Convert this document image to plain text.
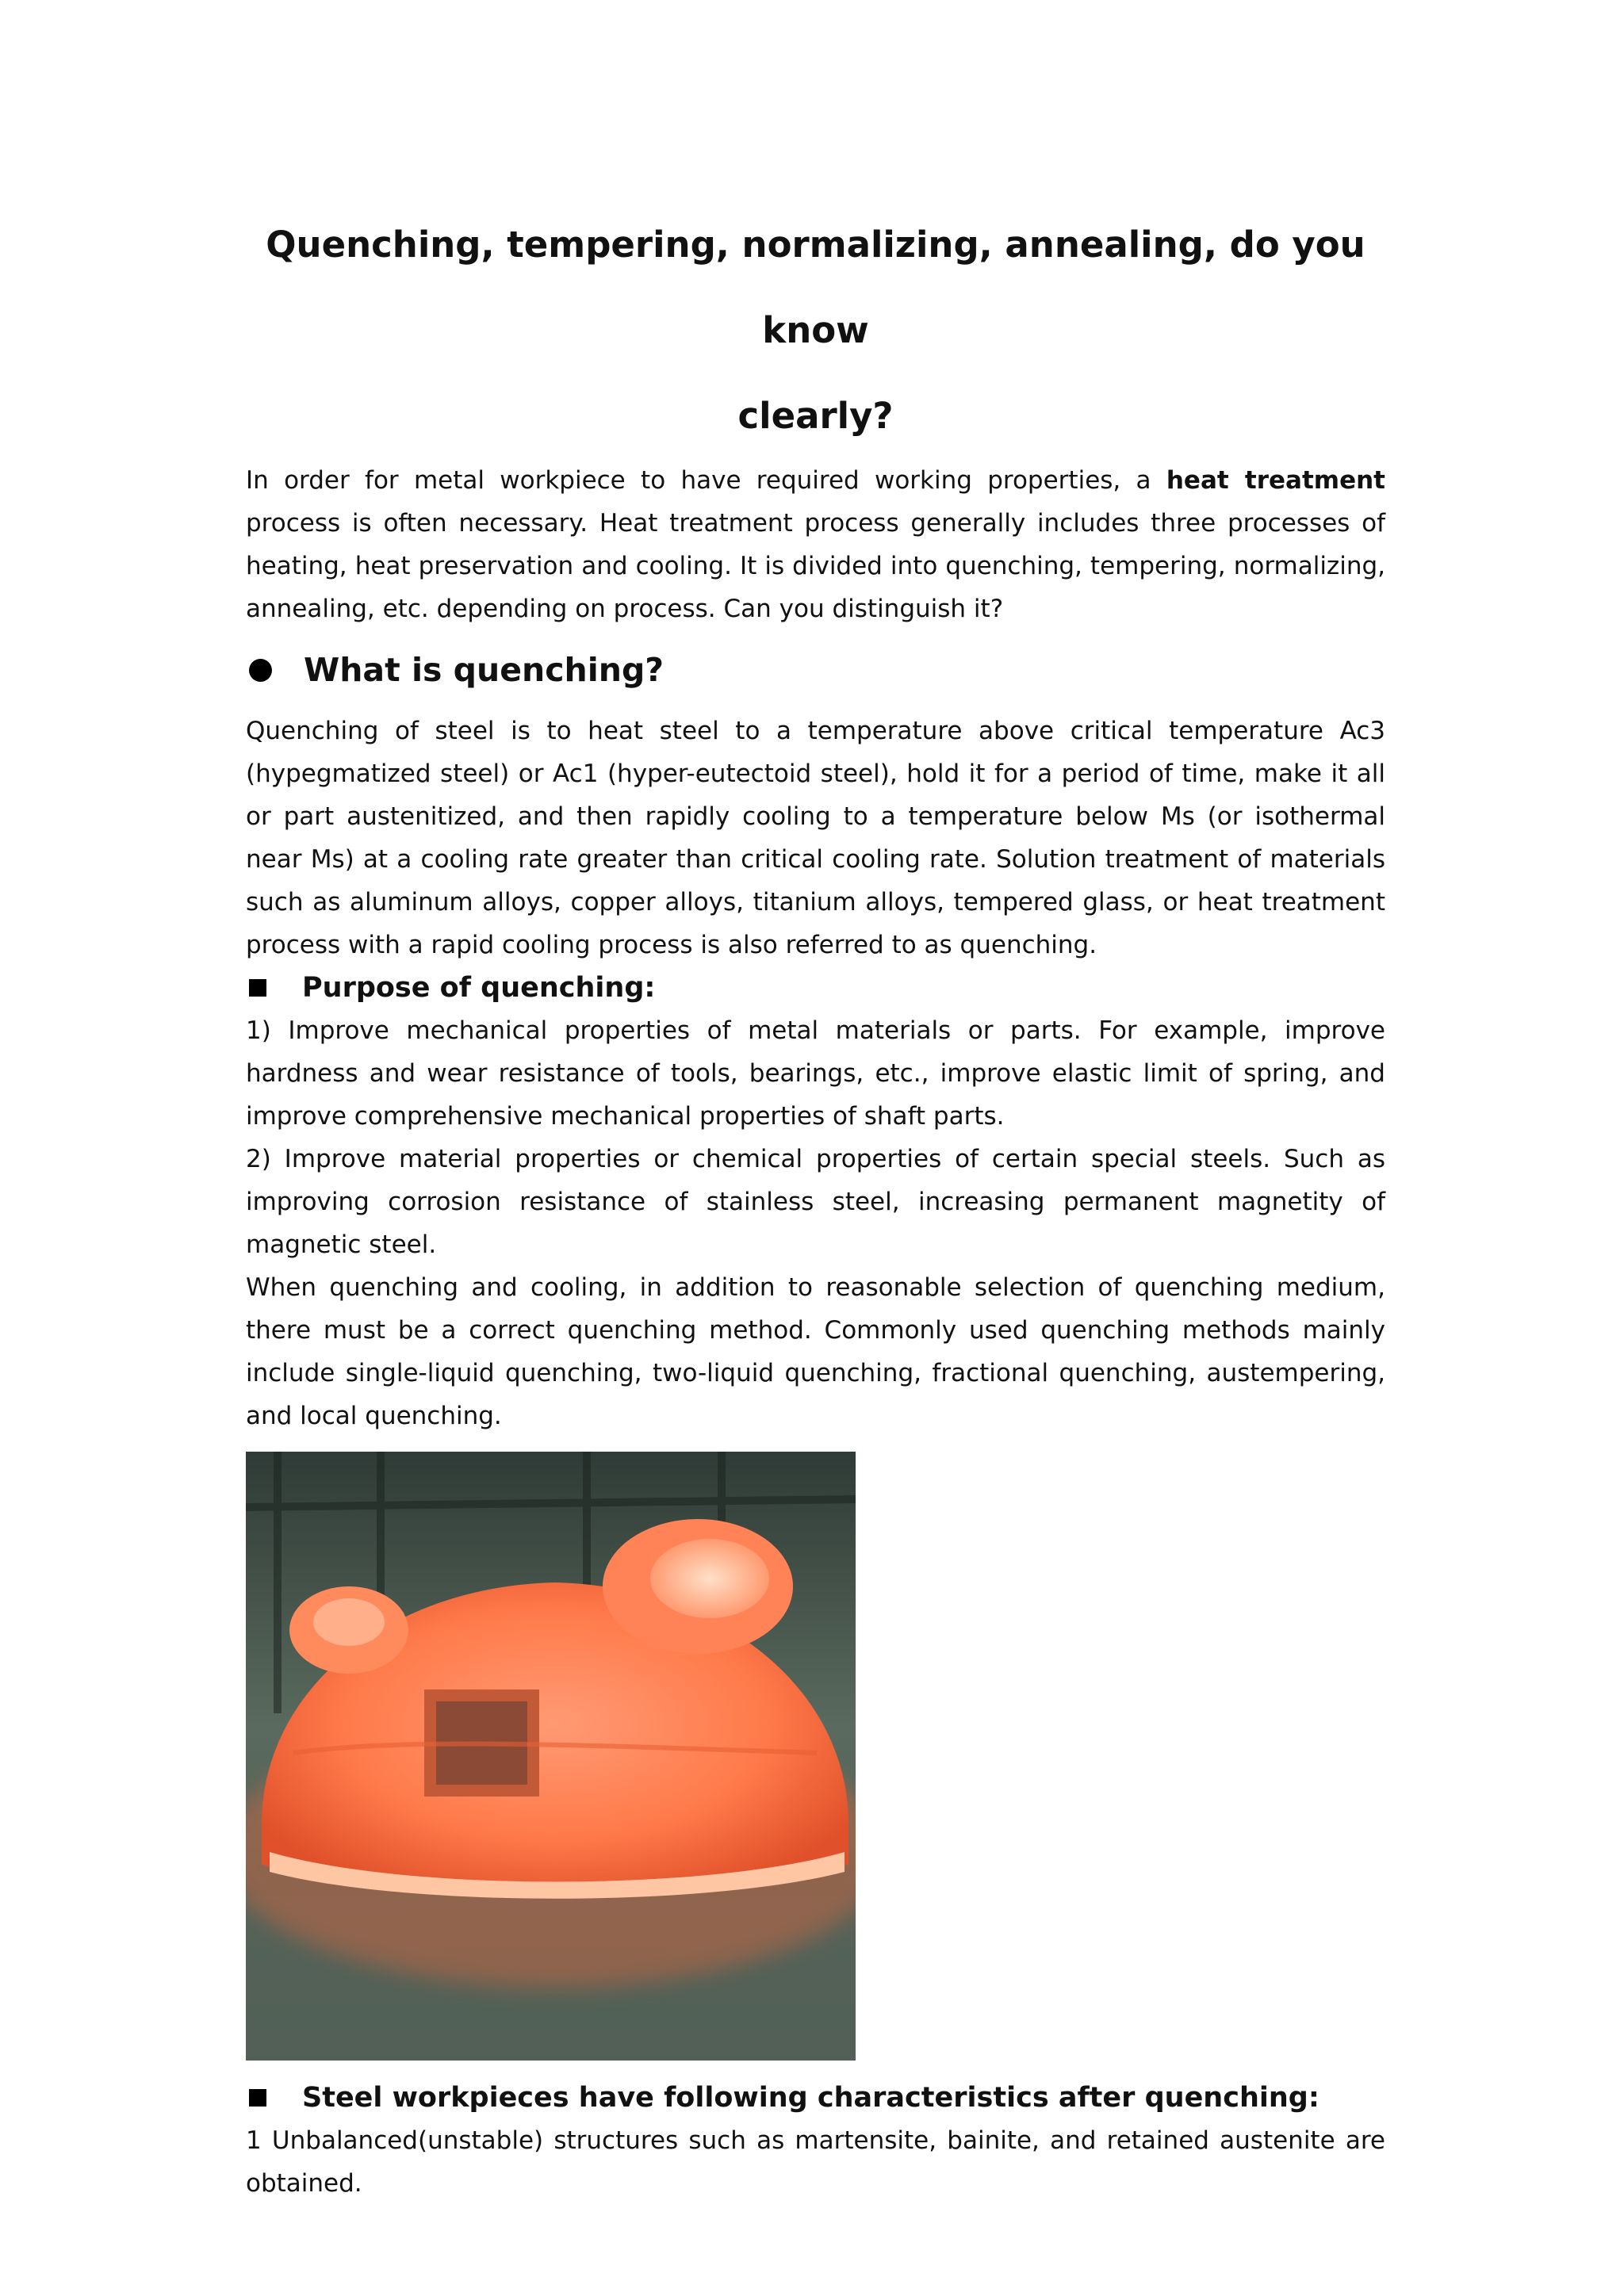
Quenching, tempering, normalizing, annealing, do you know
clearly?

In order for metal workpiece to have required working properties, a heat treatment process is often necessary. Heat treatment process generally includes three processes of heating, heat preservation and cooling. It is divided into quenching, tempering, normalizing, annealing, etc. depending on process. Can you distinguish it?

What is quenching?

Quenching of steel is to heat steel to a temperature above critical temperature Ac3 (hypegmatized steel) or Ac1 (hyper-eutectoid steel), hold it for a period of time, make it all or part austenitized, and then rapidly cooling to a temperature below Ms (or isothermal near Ms) at a cooling rate greater than critical cooling rate. Solution treatment of materials such as aluminum alloys, copper alloys, titanium alloys, tempered glass, or heat treatment process with a rapid cooling process is also referred to as quenching.

Purpose of quenching:

1) Improve mechanical properties of metal materials or parts. For example, improve hardness and wear resistance of tools, bearings, etc., improve elastic limit of spring, and improve comprehensive mechanical properties of shaft parts.

2) Improve material properties or chemical properties of certain special steels. Such as improving corrosion resistance of stainless steel, increasing permanent magnetity of magnetic steel.

When quenching and cooling, in addition to reasonable selection of quenching medium, there must be a correct quenching method. Commonly used quenching methods mainly include single-liquid quenching, two-liquid quenching, fractional quenching, austempering, and local quenching.

Steel workpieces have following characteristics after quenching:

1 Unbalanced(unstable) structures such as martensite, bainite, and retained austenite are obtained.
